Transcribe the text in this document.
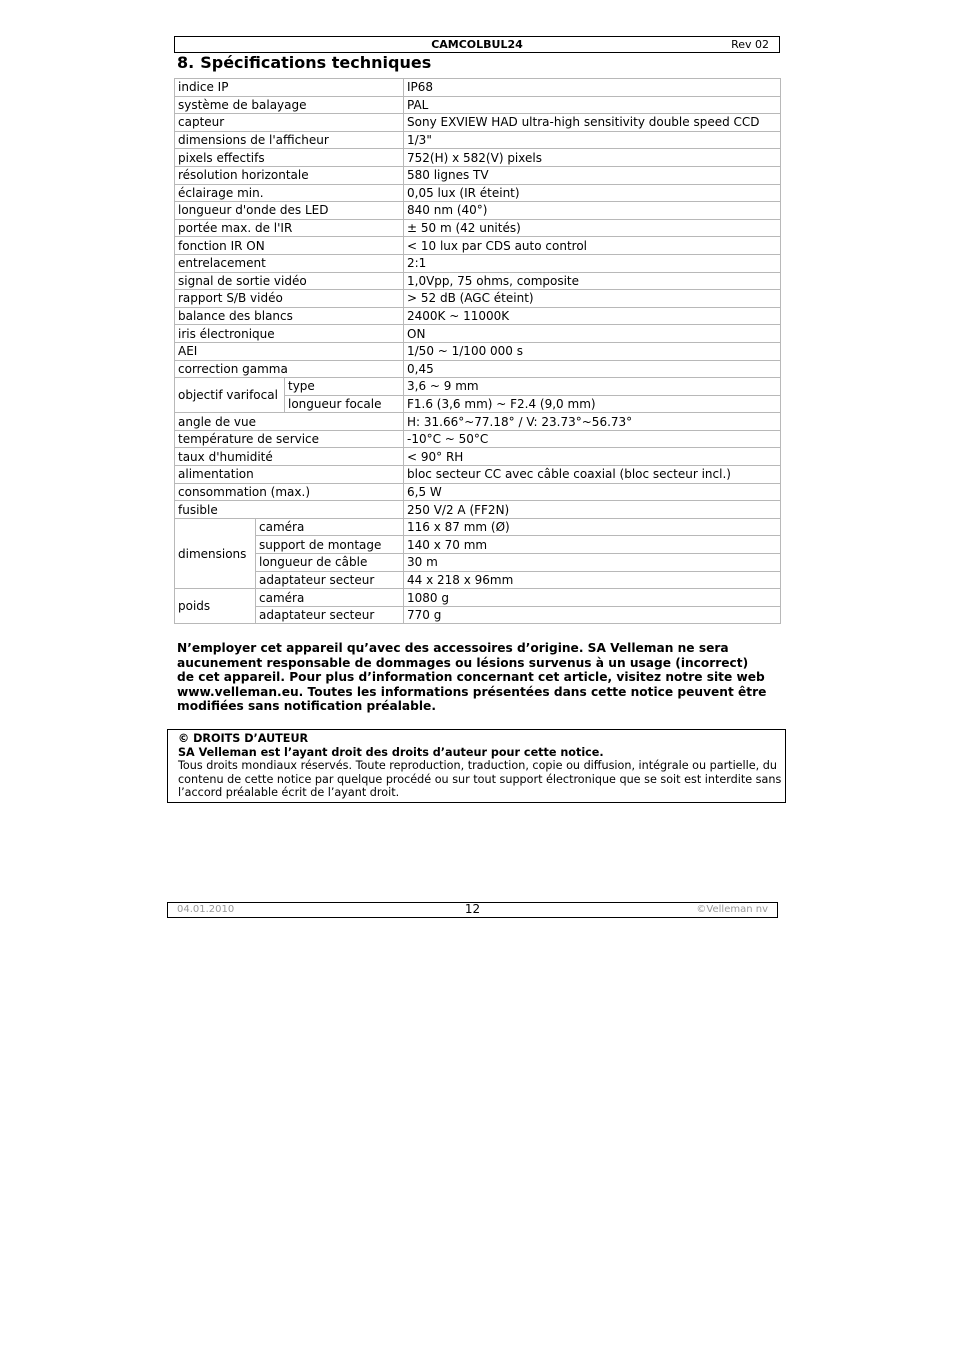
CAMCOLBUL24	Rev 02
8. Spécifications techniques
indice IP			IP68
système de balayage			PAL
capteur			Sony EXVIEW HAD ultra-high sensitivity double speed CCD
dimensions de l'afficheur			1/3"
pixels effectifs			752(H) x 582(V) pixels
résolution horizontale			580 lignes TV
éclairage min.			0,05 lux (IR éteint)
longueur d'onde des LED			840 nm (40°)
portée max. de l'IR			± 50 m (42 unités)
fonction IR ON			< 10 lux par CDS auto control
entrelacement			2:1
signal de sortie vidéo			1,0Vpp, 75 ohms, composite
rapport S/B vidéo			> 52 dB (AGC éteint)
balance des blancs			2400K ~ 11000K
iris électronique			ON
AEI			1/50 ~ 1/100 000 s
correction gamma			0,45
objectif varifocal		type	3,6 ~ 9 mm
		longueur focale	F1.6 (3,6 mm) ~ F2.4 (9,0 mm)
angle de vue			H: 31.66°~77.18° / V: 23.73°~56.73°
température de service			-10°C ~ 50°C
taux d'humidité			< 90° RH
alimentation			bloc secteur CC avec câble coaxial (bloc secteur incl.)
consommation (max.)			6,5 W
fusible			250 V/2 A (FF2N)
dimensions	caméra		116 x 87 mm (Ø)
	support de montage		140 x 70 mm
	longueur de câble		30 m
	adaptateur secteur		44 x 218 x 96mm
poids	caméra		1080 g
	adaptateur secteur		770 g

N’employer cet appareil qu’avec des accessoires d’origine. SA Velleman ne sera aucunement responsable de dommages ou lésions survenus à un usage (incorrect) de cet appareil. Pour plus d’information concernant cet article, visitez notre site web www.velleman.eu. Toutes les informations présentées dans cette notice peuvent être modifiées sans notification préalable.

© DROITS D’AUTEUR
SA Velleman est l’ayant droit des droits d’auteur pour cette notice.
Tous droits mondiaux réservés. Toute reproduction, traduction, copie ou diffusion, intégrale ou partielle, du contenu de cette notice par quelque procédé ou sur tout support électronique que se soit est interdite sans l’accord préalable écrit de l’ayant droit.
04.01.2010	12	©Velleman nv
